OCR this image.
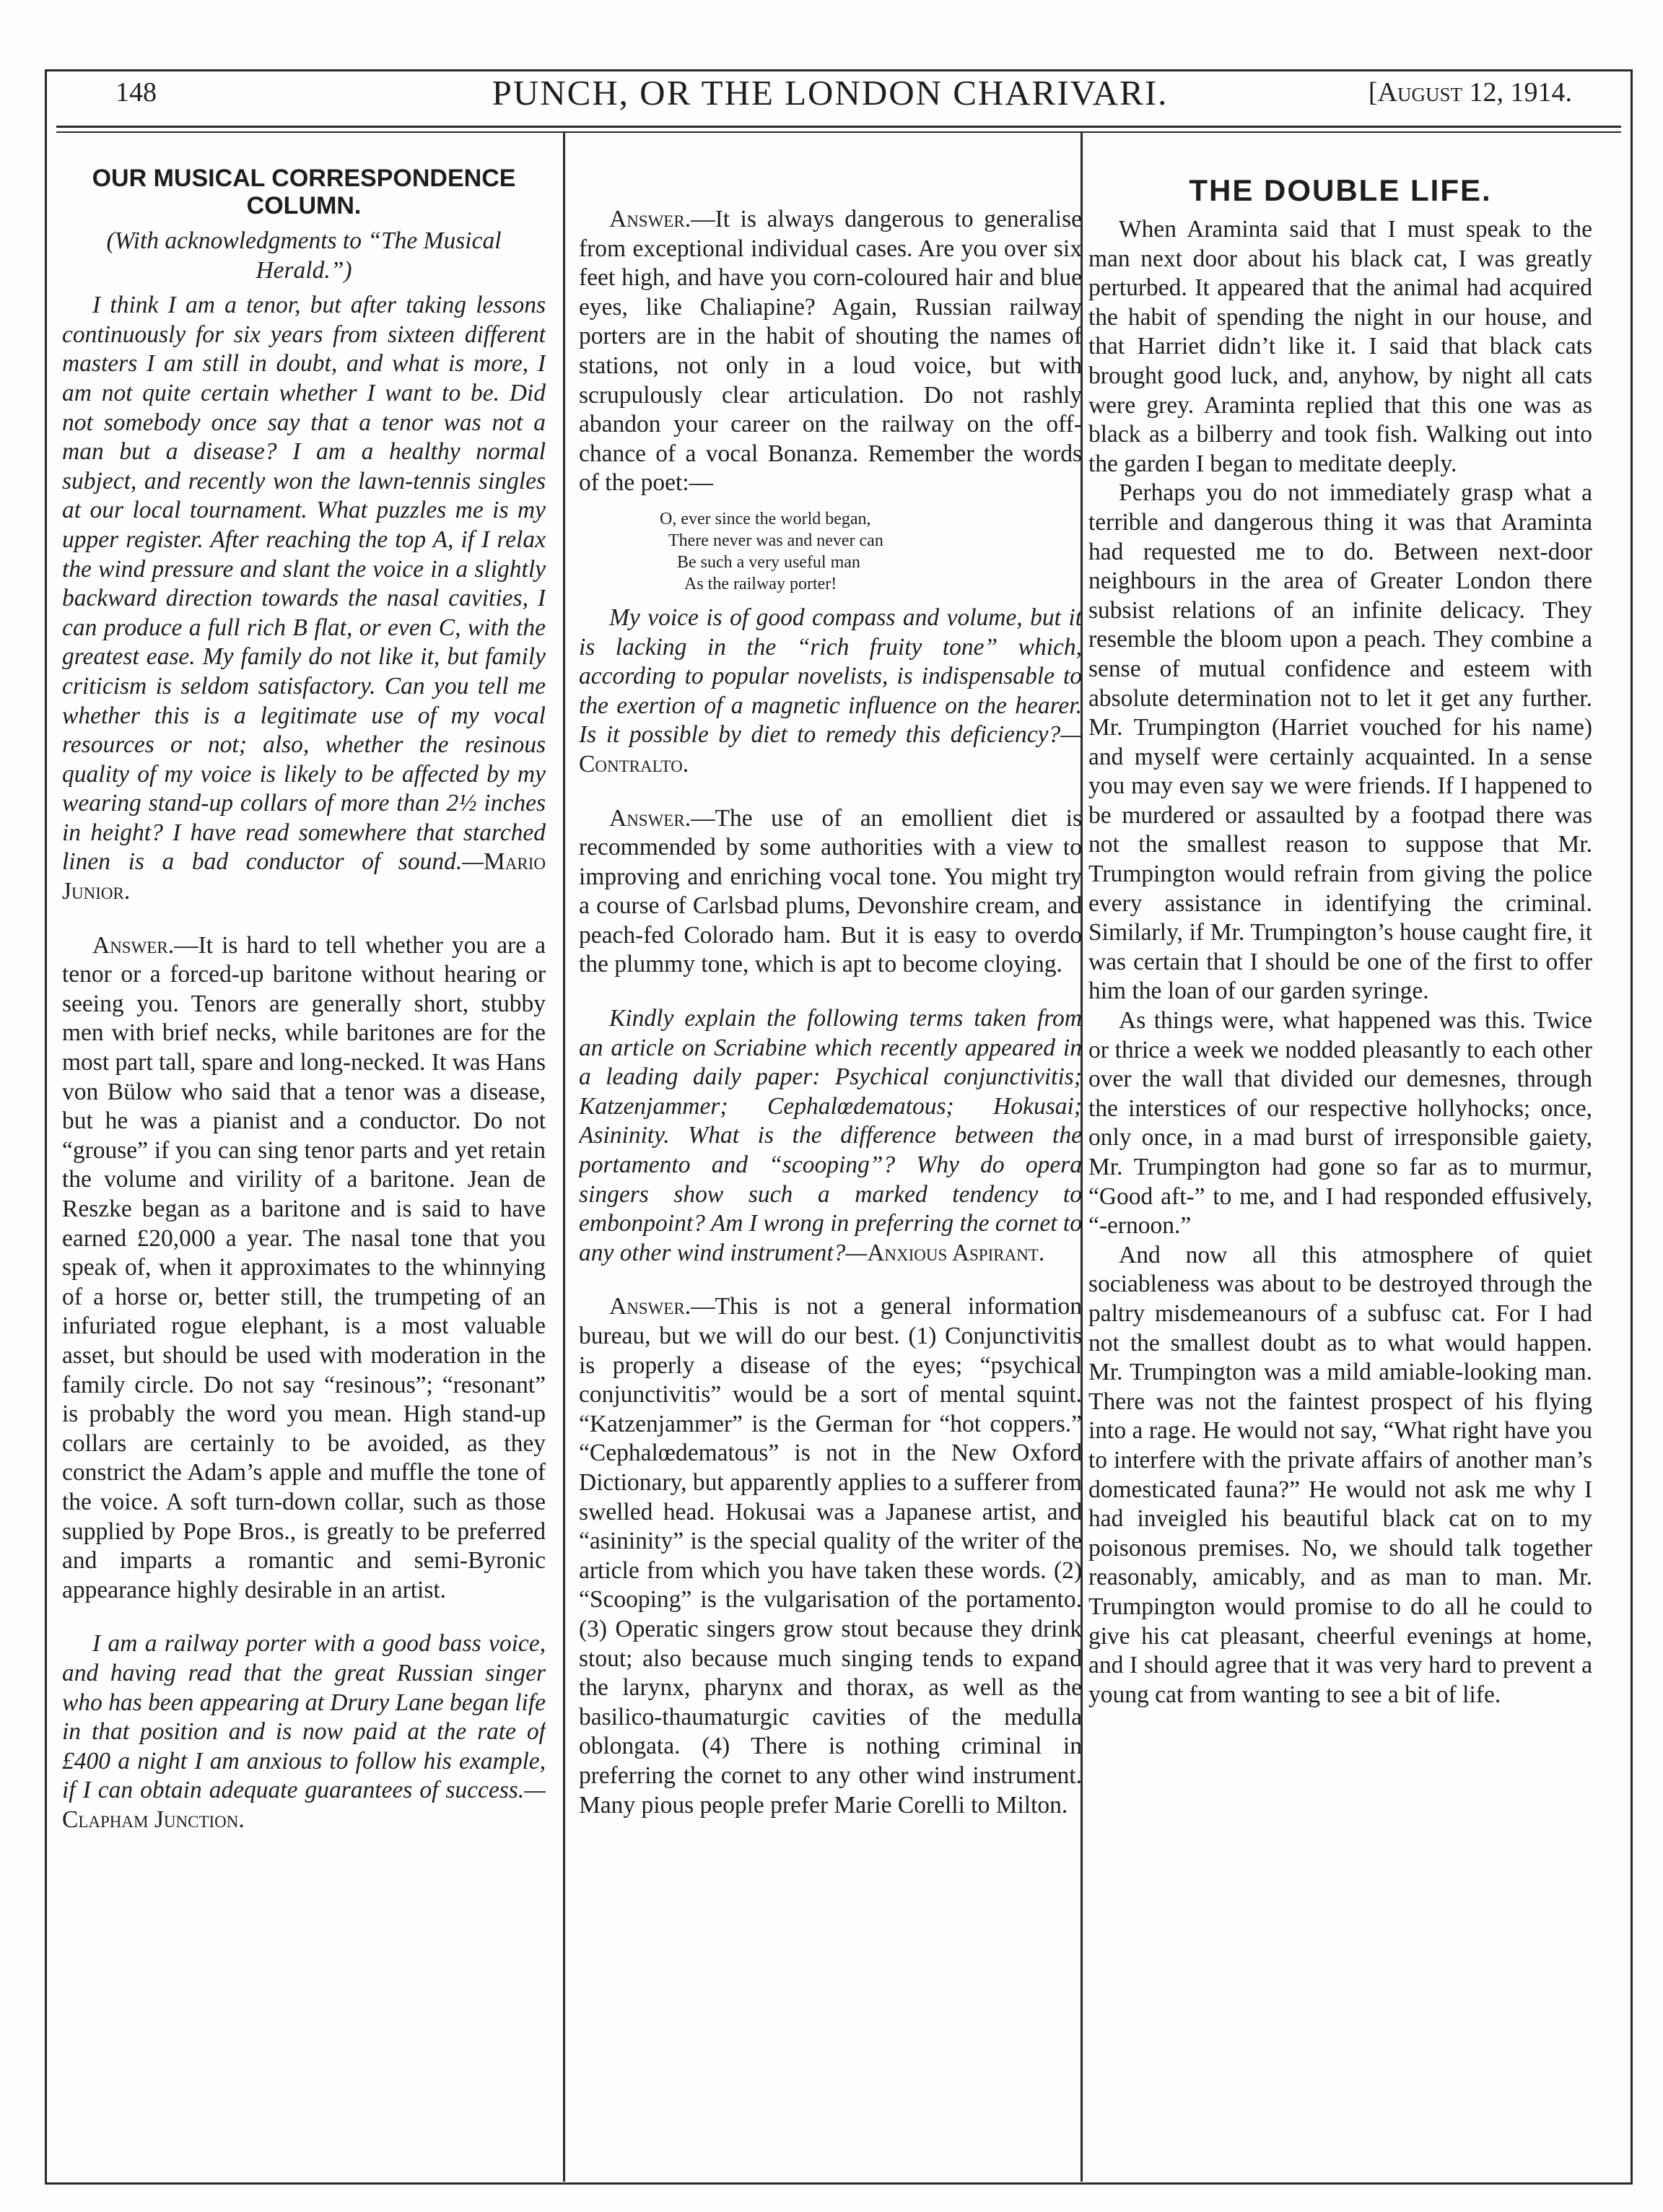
148	PUNCH, OR THE LONDON CHARIVARI.	[August 12, 1914.
OUR MUSICAL CORRESPONDENCE COLUMN.

(With acknowledgments to “The Musical Herald.”)

I think I am a tenor, but after taking lessons continuously for six years from sixteen different masters I am still in doubt, and what is more, I am not quite certain whether I want to be. Did not somebody once say that a tenor was not a man but a disease? I am a healthy normal subject, and recently won the lawn-tennis singles at our local tournament. What puzzles me is my upper register. After reaching the top A, if I relax the wind pressure and slant the voice in a slightly backward direction towards the nasal cavities, I can produce a full rich B flat, or even C, with the greatest ease. My family do not like it, but family criticism is seldom satisfactory. Can you tell me whether this is a legitimate use of my vocal resources or not; also, whether the resinous quality of my voice is likely to be affected by my wearing stand-up collars of more than 2½ inches in height? I have read somewhere that starched linen is a bad conductor of sound.—Mario Junior.

Answer.—It is hard to tell whether you are a tenor or a forced-up baritone without hearing or seeing you. Tenors are generally short, stubby men with brief necks, while baritones are for the most part tall, spare and long-necked. It was Hans von Bülow who said that a tenor was a disease, but he was a pianist and a conductor. Do not “grouse” if you can sing tenor parts and yet retain the volume and virility of a baritone. Jean de Reszke began as a baritone and is said to have earned £20,000 a year. The nasal tone that you speak of, when it approximates to the whinnying of a horse or, better still, the trumpeting of an infuriated rogue elephant, is a most valuable asset, but should be used with moderation in the family circle. Do not say “resinous”; “resonant” is probably the word you mean. High stand-up collars are certainly to be avoided, as they constrict the Adam’s apple and muffle the tone of the voice. A soft turn-down collar, such as those supplied by Pope Bros., is greatly to be preferred and imparts a romantic and semi-Byronic appearance highly desirable in an artist.

I am a railway porter with a good bass voice, and having read that the great Russian singer who has been appearing at Drury Lane began life in that position and is now paid at the rate of £400 a night I am anxious to follow his example, if I can obtain adequate guarantees of success.—Clapham Junction.

Answer.—It is always dangerous to generalise from exceptional individual cases. Are you over six feet high, and have you corn-coloured hair and blue eyes, like Chaliapine? Again, Russian railway porters are in the habit of shouting the names of stations, not only in a loud voice, but with scrupulously clear articulation. Do not rashly abandon your career on the railway on the off-chance of a vocal Bonanza. Remember the words of the poet:—

O, ever since the world began,
There never was and never can
Be such a very useful man
As the railway porter!

My voice is of good compass and volume, but it is lacking in the “rich fruity tone” which, according to popular novelists, is indispensable to the exertion of a magnetic influence on the hearer. Is it possible by diet to remedy this deficiency?—Contralto.

Answer.—The use of an emollient diet is recommended by some authorities with a view to improving and enriching vocal tone. You might try a course of Carlsbad plums, Devonshire cream, and peach-fed Colorado ham. But it is easy to overdo the plummy tone, which is apt to become cloying.

Kindly explain the following terms taken from an article on Scriabine which recently appeared in a leading daily paper: Psychical conjunctivitis; Katzenjammer; Cephalœdematous; Hokusai; Asininity. What is the difference between the portamento and “scooping”? Why do opera singers show such a marked tendency to embonpoint? Am I wrong in preferring the cornet to any other wind instrument?—Anxious Aspirant.

Answer.—This is not a general information bureau, but we will do our best. (1) Conjunctivitis is properly a disease of the eyes; “psychical conjunctivitis” would be a sort of mental squint. “Katzenjammer” is the German for “hot coppers.” “Cephalœdematous” is not in the New Oxford Dictionary, but apparently applies to a sufferer from swelled head. Hokusai was a Japanese artist, and “asininity” is the special quality of the writer of the article from which you have taken these words. (2) “Scooping” is the vulgarisation of the portamento. (3) Operatic singers grow stout because they drink stout; also because much singing tends to expand the larynx, pharynx and thorax, as well as the basilico-thaumaturgic cavities of the medulla oblongata. (4) There is nothing criminal in preferring the cornet to any other wind instrument. Many pious people prefer Marie Corelli to Milton.

THE DOUBLE LIFE.

When Araminta said that I must speak to the man next door about his black cat, I was greatly perturbed. It appeared that the animal had acquired the habit of spending the night in our house, and that Harriet didn’t like it. I said that black cats brought good luck, and, anyhow, by night all cats were grey. Araminta replied that this one was as black as a bilberry and took fish. Walking out into the garden I began to meditate deeply.

Perhaps you do not immediately grasp what a terrible and dangerous thing it was that Araminta had requested me to do. Between next-door neighbours in the area of Greater London there subsist relations of an infinite delicacy. They resemble the bloom upon a peach. They combine a sense of mutual confidence and esteem with absolute determination not to let it get any further. Mr. Trumpington (Harriet vouched for his name) and myself were certainly acquainted. In a sense you may even say we were friends. If I happened to be murdered or assaulted by a footpad there was not the smallest reason to suppose that Mr. Trumpington would refrain from giving the police every assistance in identifying the criminal. Similarly, if Mr. Trumpington’s house caught fire, it was certain that I should be one of the first to offer him the loan of our garden syringe.

As things were, what happened was this. Twice or thrice a week we nodded pleasantly to each other over the wall that divided our demesnes, through the interstices of our respective hollyhocks; once, only once, in a mad burst of irresponsible gaiety, Mr. Trumpington had gone so far as to murmur, “Good aft-” to me, and I had responded effusively, “-ernoon.”

And now all this atmosphere of quiet sociableness was about to be destroyed through the paltry misdemeanours of a subfusc cat. For I had not the smallest doubt as to what would happen. Mr. Trumpington was a mild amiable-looking man. There was not the faintest prospect of his flying into a rage. He would not say, “What right have you to interfere with the private affairs of another man’s domesticated fauna?” He would not ask me why I had inveigled his beautiful black cat on to my poisonous premises. No, we should talk together reasonably, amicably, and as man to man. Mr. Trumpington would promise to do all he could to give his cat pleasant, cheerful evenings at home, and I should agree that it was very hard to prevent a young cat from wanting to see a bit of life.
